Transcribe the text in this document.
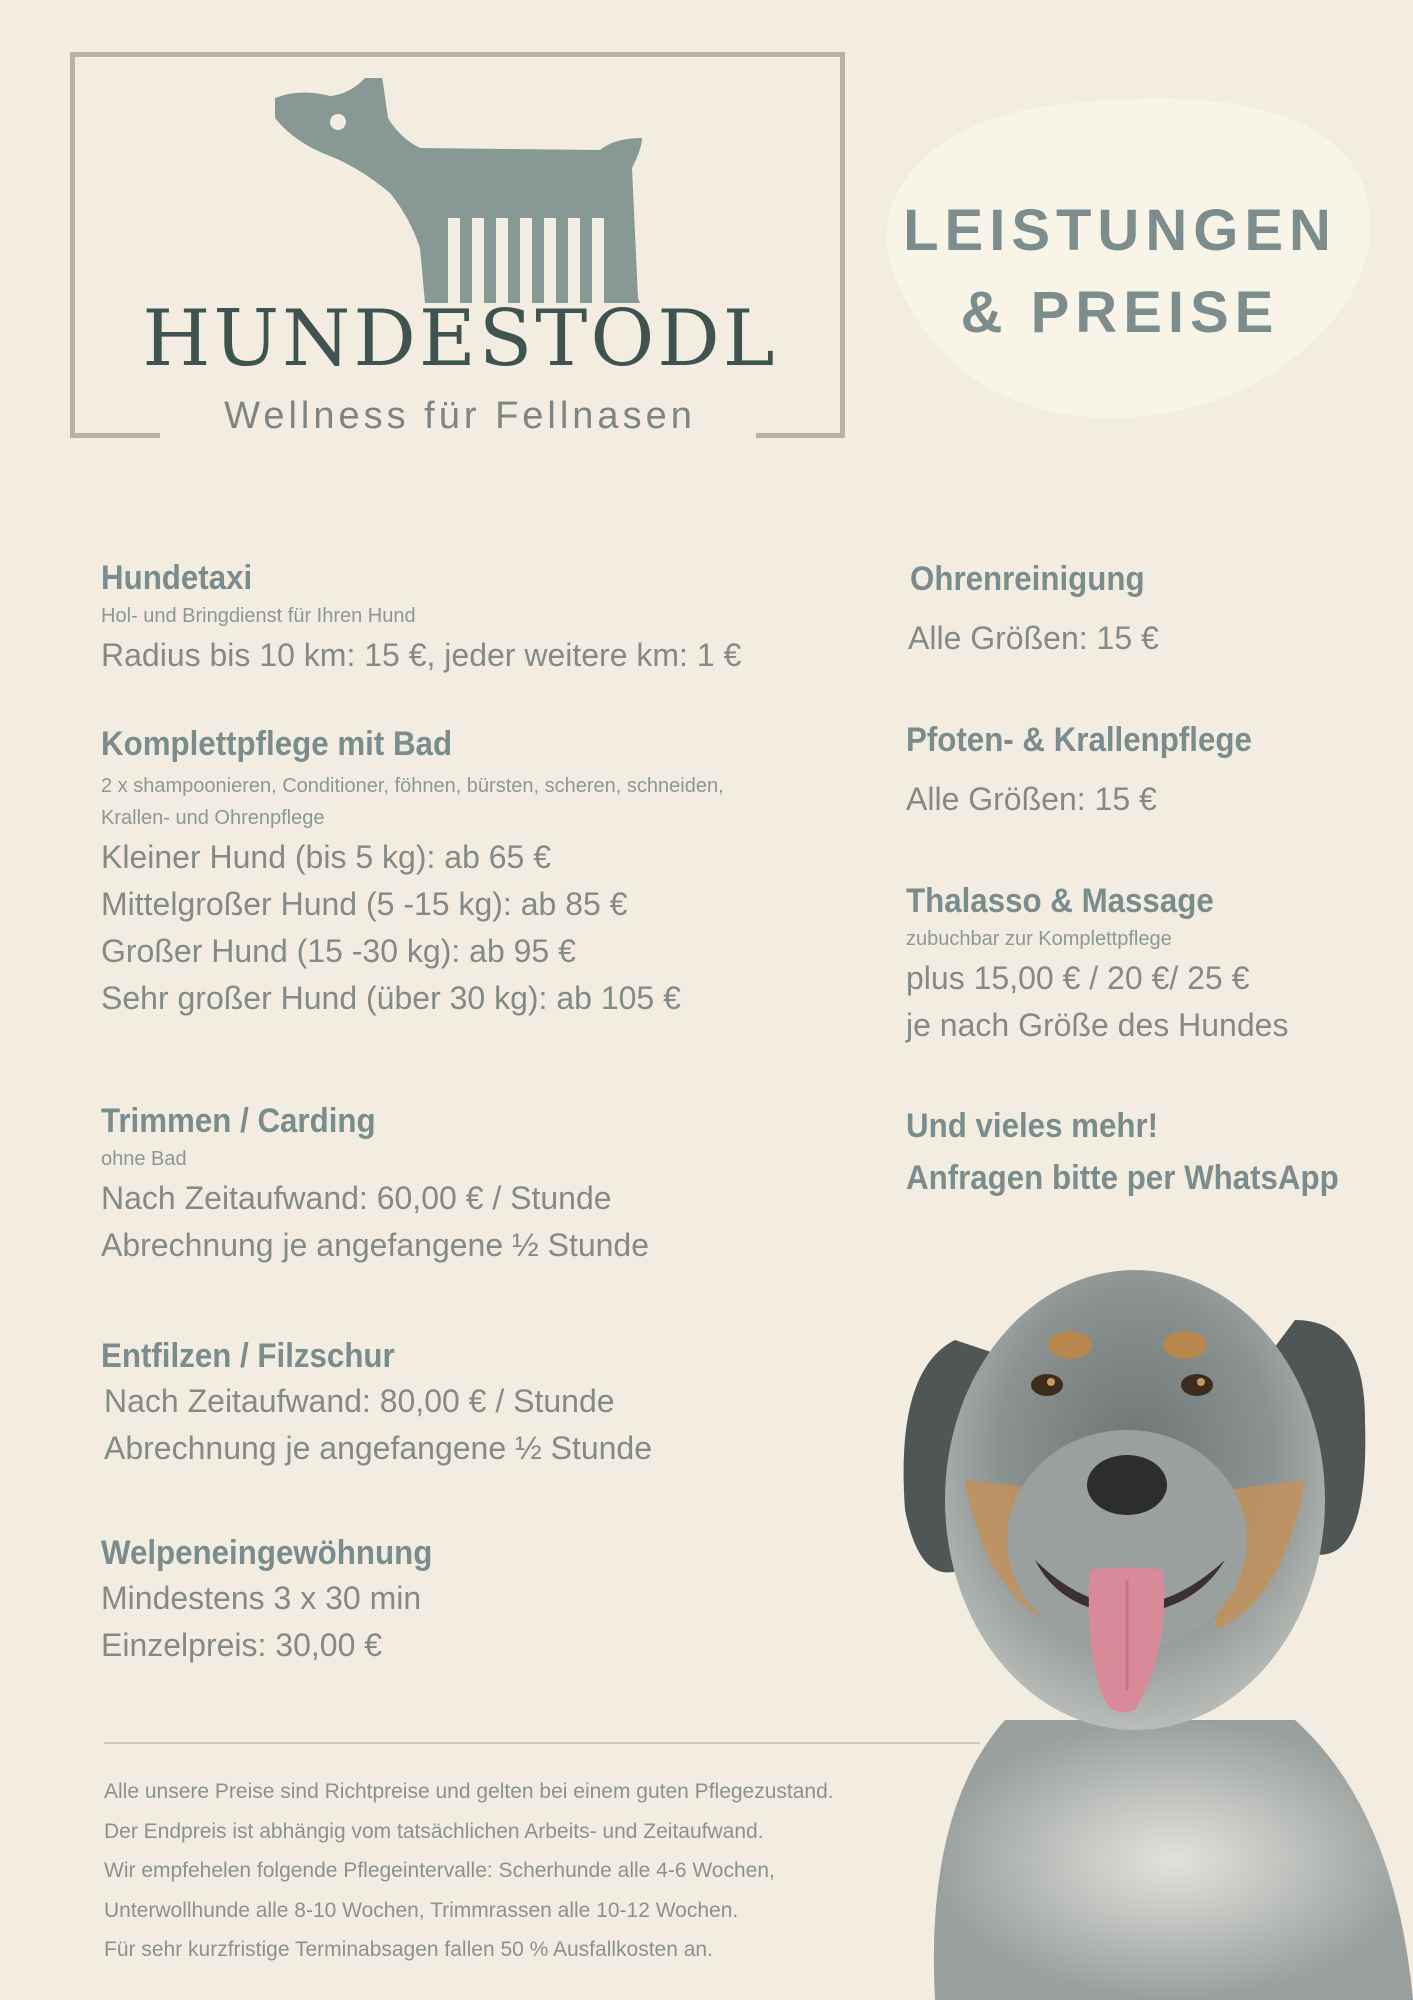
HUNDESTODL
Wellness für Fellnasen
LEISTUNGEN
& PREISE
Hundetaxi
Hol- und Bringdienst für Ihren Hund
Radius bis 10 km: 15 €, jeder weitere km: 1 €
Komplettpflege mit Bad
2 x shampoonieren, Conditioner, föhnen, bürsten, scheren, schneiden,
Krallen- und Ohrenpflege
Kleiner Hund (bis 5 kg): ab 65 €
Mittelgroßer Hund (5 -15 kg): ab 85 €
Großer Hund (15 -30 kg): ab 95 €
Sehr großer Hund (über 30 kg): ab 105 €
Trimmen / Carding
ohne Bad
Nach Zeitaufwand: 60,00 € / Stunde
Abrechnung je angefangene ½ Stunde
Entfilzen / Filzschur
Nach Zeitaufwand: 80,00 € / Stunde
Abrechnung je angefangene ½ Stunde
Welpeneingewöhnung
Mindestens 3 x 30 min
Einzelpreis: 30,00 €
Ohrenreinigung
Alle Größen: 15 €
Pfoten- & Krallenpflege
Alle Größen: 15 €
Thalasso & Massage
zubuchbar zur Komplettpflege
plus 15,00 € / 20 €/ 25 €
je nach Größe des Hundes
Und vieles mehr!
Anfragen bitte per WhatsApp
Alle unsere Preise sind Richtpreise und gelten bei einem guten Pflegezustand.
Der Endpreis ist abhängig vom tatsächlichen Arbeits- und Zeitaufwand.
Wir empfehelen folgende Pflegeintervalle: Scherhunde alle 4-6 Wochen,
Unterwollhunde alle 8-10 Wochen, Trimmrassen alle 10-12 Wochen.
Für sehr kurzfristige Terminabsagen fallen 50 % Ausfallkosten an.
